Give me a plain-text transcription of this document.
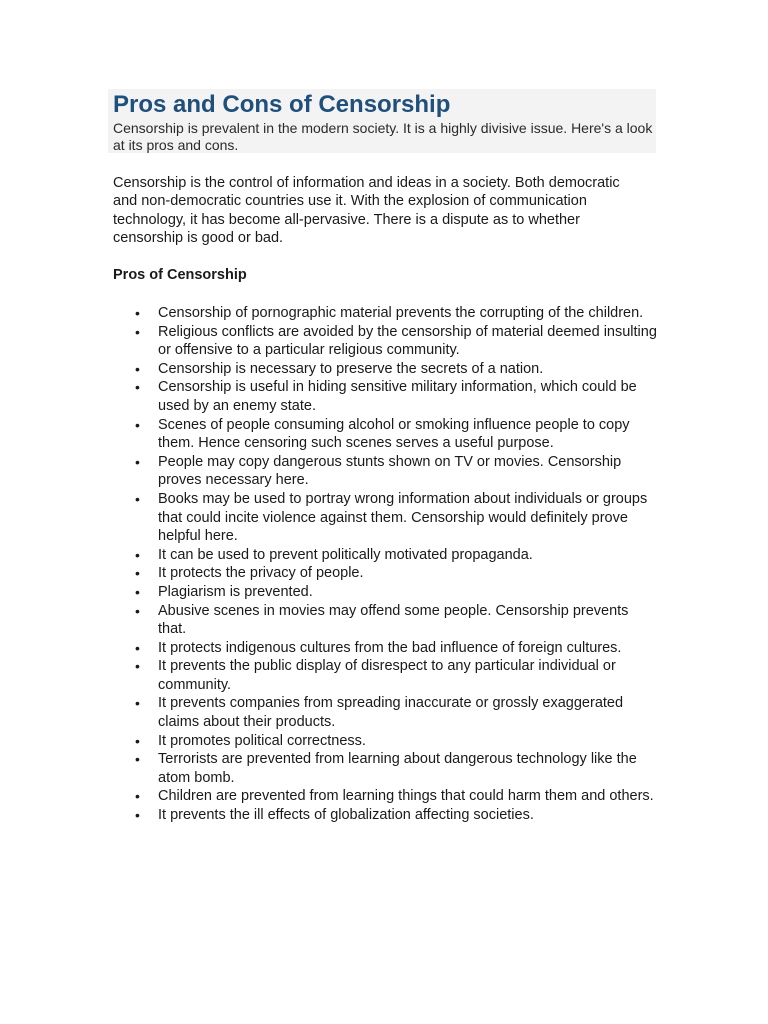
Pros and Cons of Censorship

Censorship is prevalent in the modern society. It is a highly divisive issue. Here's a look at its pros and cons.

Censorship is the control of information and ideas in a society. Both democratic and non-democratic countries use it. With the explosion of communication technology, it has become all-pervasive. There is a dispute as to whether censorship is good or bad.

Pros of Censorship
• Censorship of pornographic material prevents the corrupting of the children.
• Religious conflicts are avoided by the censorship of material deemed insulting or offensive to a particular religious community.
• Censorship is necessary to preserve the secrets of a nation.
• Censorship is useful in hiding sensitive military information, which could be used by an enemy state.
• Scenes of people consuming alcohol or smoking influence people to copy them. Hence censoring such scenes serves a useful purpose.
• People may copy dangerous stunts shown on TV or movies. Censorship proves necessary here.
• Books may be used to portray wrong information about individuals or groups that could incite violence against them. Censorship would definitely prove helpful here.
• It can be used to prevent politically motivated propaganda.
• It protects the privacy of people.
• Plagiarism is prevented.
• Abusive scenes in movies may offend some people. Censorship prevents that.
• It protects indigenous cultures from the bad influence of foreign cultures.
• It prevents the public display of disrespect to any particular individual or community.
• It prevents companies from spreading inaccurate or grossly exaggerated claims about their products.
• It promotes political correctness.
• Terrorists are prevented from learning about dangerous technology like the atom bomb.
• Children are prevented from learning things that could harm them and others.
• It prevents the ill effects of globalization affecting societies.
